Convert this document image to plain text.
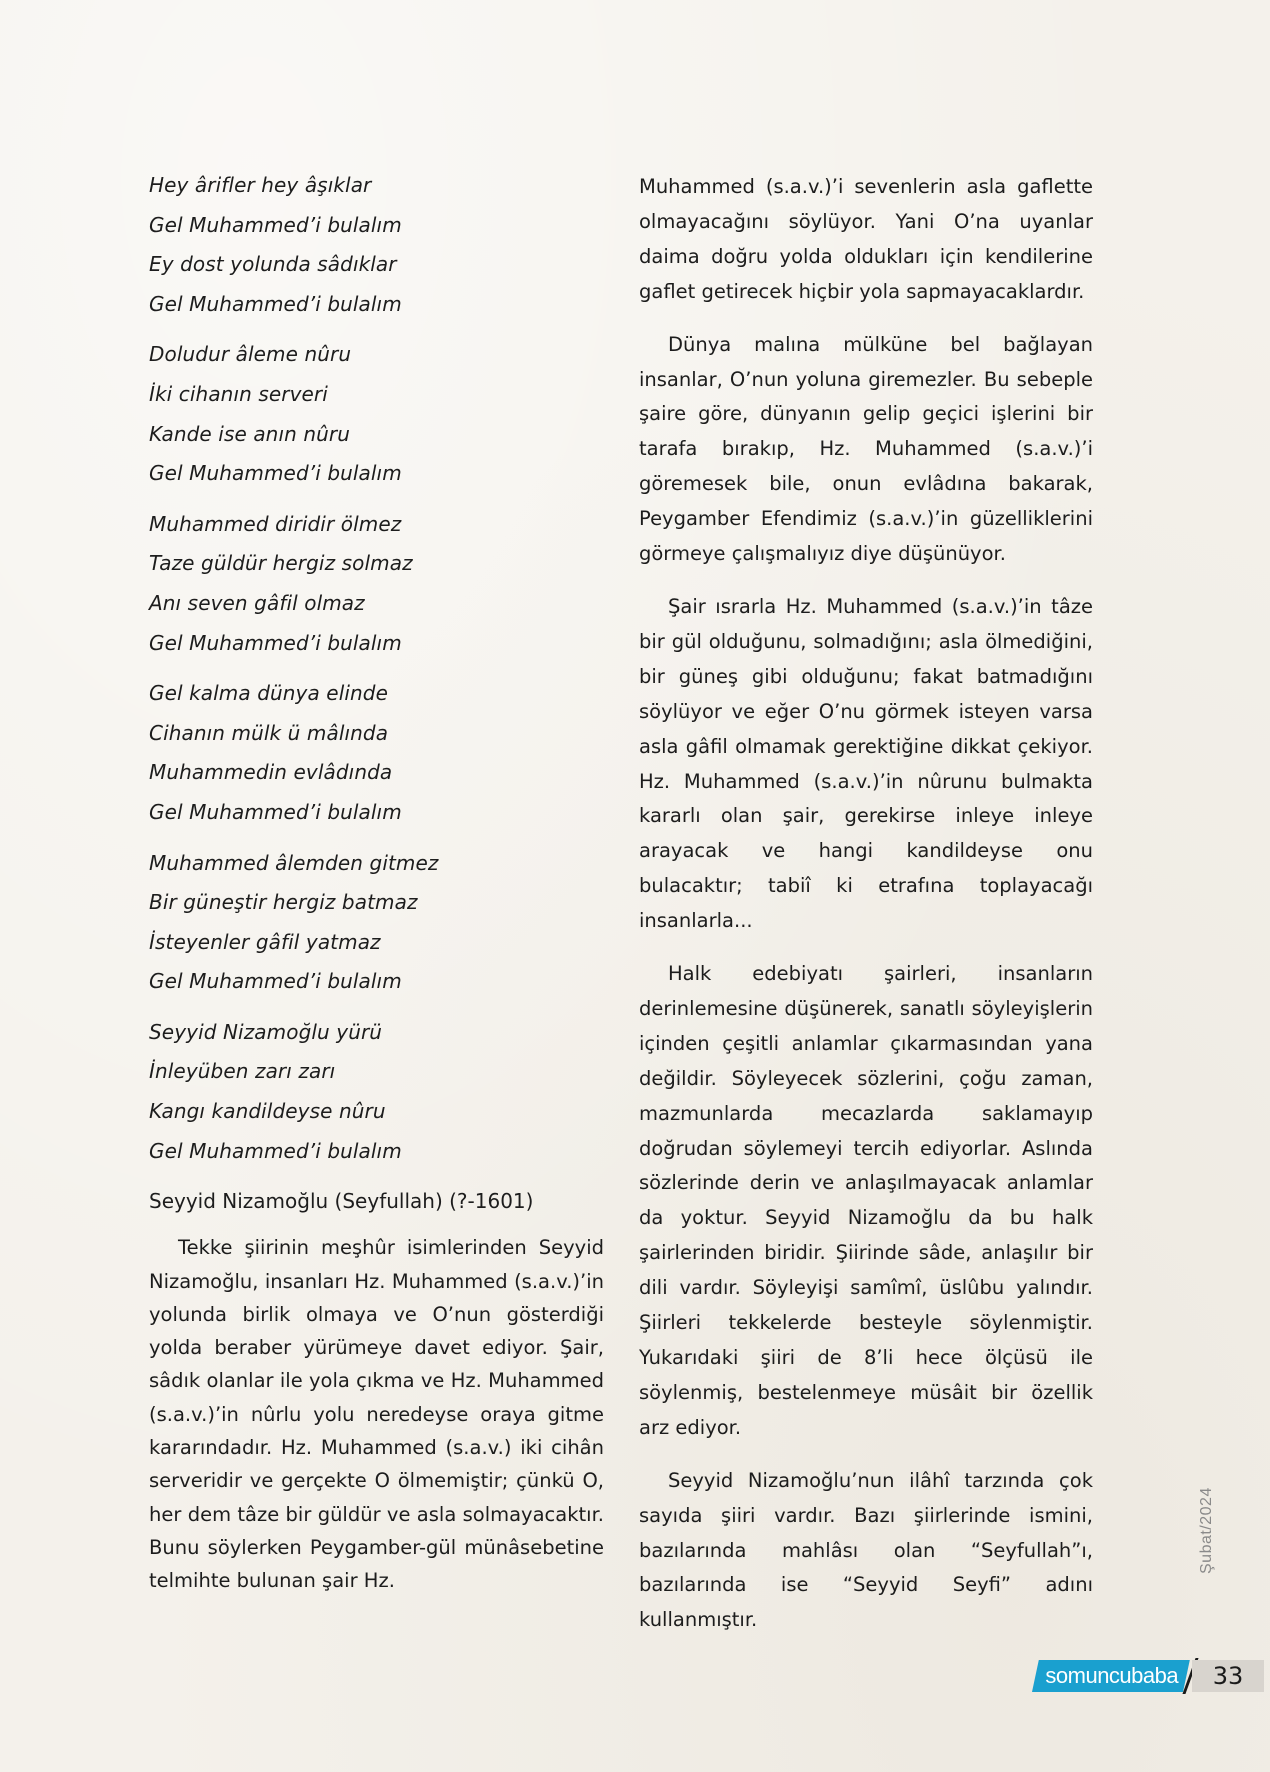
Hey ârifler hey âşıklar
Gel Muhammed’i bulalım
Ey dost yolunda sâdıklar
Gel Muhammed’i bulalım
Doludur âleme nûru
İki cihanın serveri
Kande ise anın nûru
Gel Muhammed’i bulalım
Muhammed diridir ölmez
Taze güldür hergiz solmaz
Anı seven gâfil olmaz
Gel Muhammed’i bulalım
Gel kalma dünya elinde
Cihanın mülk ü mâlında
Muhammedin evlâdında
Gel Muhammed’i bulalım
Muhammed âlemden gitmez
Bir güneştir hergiz batmaz
İsteyenler gâfil yatmaz
Gel Muhammed’i bulalım
Seyyid Nizamoğlu yürü
İnleyüben zarı zarı
Kangı kandildeyse nûru
Gel Muhammed’i bulalım
Seyyid Nizamoğlu (Seyfullah) (?-1601)

Tekke şiirinin meşhûr isimlerinden Seyyid Nizamoğlu, insanları Hz. Muhammed (s.a.v.)’in yolunda birlik olmaya ve O’nun gösterdiği yolda beraber yürümeye davet ediyor. Şair, sâdık olanlar ile yola çıkma ve Hz. Muhammed (s.a.v.)’in nûrlu yolu neredeyse oraya gitme kararındadır. Hz. Muhammed (s.a.v.) iki cihân serveridir ve gerçekte O ölmemiştir; çünkü O, her dem tâze bir güldür ve asla solmayacaktır. Bunu söylerken Peygamber-gül münâsebetine telmihte bulunan şair Hz.

Muhammed (s.a.v.)’i sevenlerin asla gaflette olmayacağını söylüyor. Yani O’na uyanlar daima doğru yolda oldukları için kendilerine gaflet getirecek hiçbir yola sapmayacaklardır.

Dünya malına mülküne bel bağlayan insanlar, O’nun yoluna giremezler. Bu sebeple şaire göre, dünyanın gelip geçici işlerini bir tarafa bırakıp, Hz. Muhammed (s.a.v.)’i göremesek bile, onun evlâdına bakarak, Peygamber Efendimiz (s.a.v.)’in güzelliklerini görmeye çalışmalıyız diye düşünüyor.

Şair ısrarla Hz. Muhammed (s.a.v.)’in tâze bir gül olduğunu, solmadığını; asla ölmediğini, bir güneş gibi olduğunu; fakat batmadığını söylüyor ve eğer O’nu görmek isteyen varsa asla gâfil olmamak gerektiğine dikkat çekiyor. Hz. Muhammed (s.a.v.)’in nûrunu bulmakta kararlı olan şair, gerekirse inleye inleye arayacak ve hangi kandildeyse onu bulacaktır; tabiî ki etrafına toplayacağı insanlarla...

Halk edebiyatı şairleri, insanların derinlemesine düşünerek, sanatlı söyleyişlerin içinden çeşitli anlamlar çıkarmasından yana değildir. Söyleyecek sözlerini, çoğu zaman, mazmunlarda mecazlarda saklamayıp doğrudan söylemeyi tercih ediyorlar. Aslında sözlerinde derin ve anlaşılmayacak anlamlar da yoktur. Seyyid Nizamoğlu da bu halk şairlerinden biridir. Şiirinde sâde, anlaşılır bir dili vardır. Söyleyişi samîmî, üslûbu yalındır. Şiirleri tekkelerde besteyle söylenmiştir. Yukarıdaki şiiri de 8’li hece ölçüsü ile söylenmiş, bestelenmeye müsâit bir özellik arz ediyor.

Seyyid Nizamoğlu’nun ilâhî tarzında çok sayıda şiiri vardır. Bazı şiirlerinde ismini, bazılarında mahlâsı olan “Seyfullah”ı, bazılarında ise “Seyyid Seyfi” adını kullanmıştır.

Şubat/2024
somuncubaba	33
